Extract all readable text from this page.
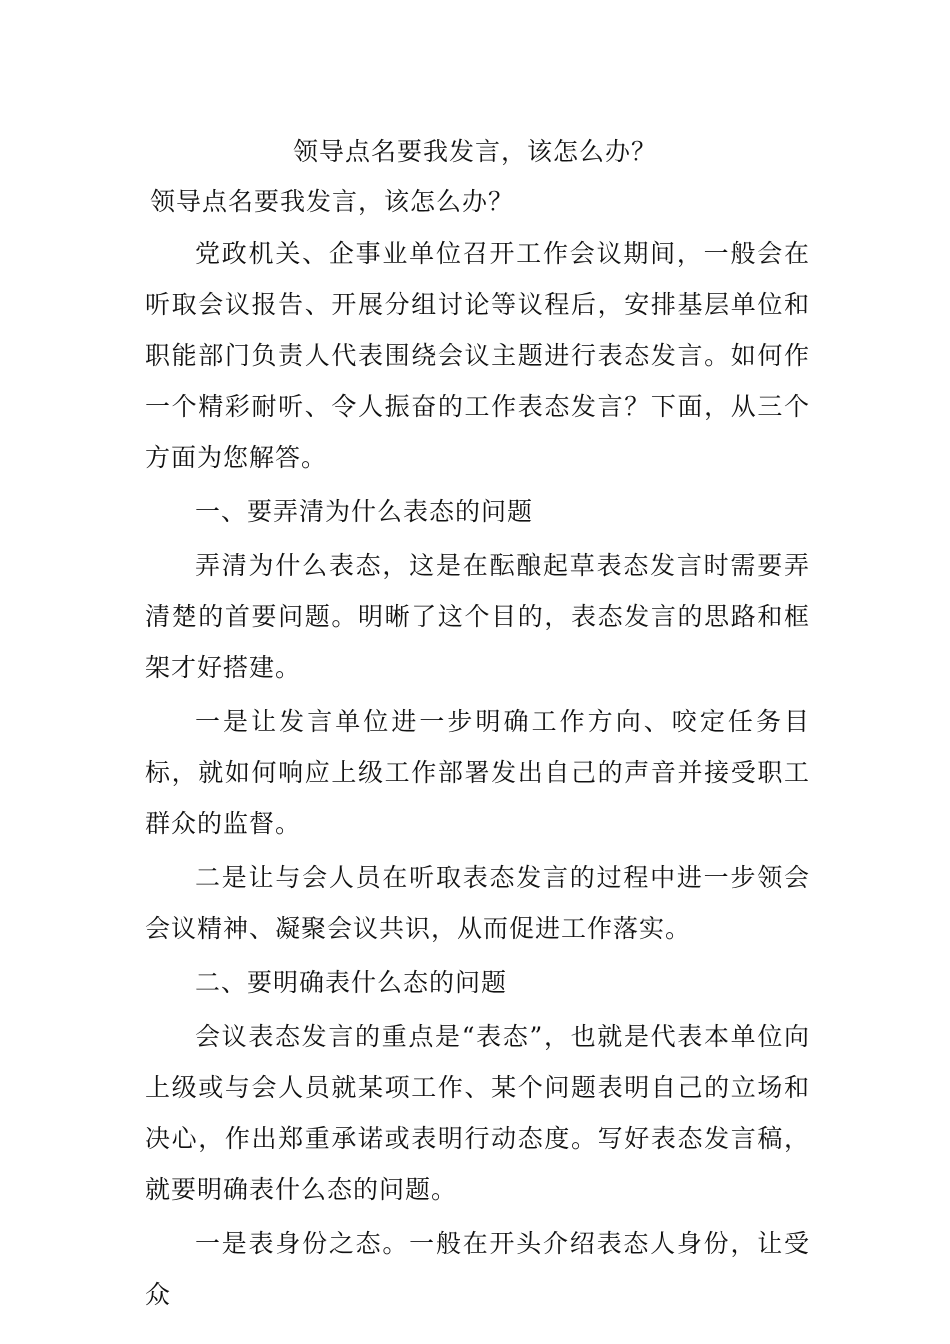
领导点名要我发言，该怎么办？
领导点名要我发言，该怎么办？

党政机关、企事业单位召开工作会议期间，一般会在听取会议报告、开展分组讨论等议程后，安排基层单位和职能部门负责人代表围绕会议主题进行表态发言。如何作一个精彩耐听、令人振奋的工作表态发言？下面，从三个方面为您解答。

一、要弄清为什么表态的问题

弄清为什么表态，这是在酝酿起草表态发言时需要弄清楚的首要问题。明晰了这个目的，表态发言的思路和框架才好搭建。

一是让发言单位进一步明确工作方向、咬定任务目标，就如何响应上级工作部署发出自己的声音并接受职工群众的监督。

二是让与会人员在听取表态发言的过程中进一步领会会议精神、凝聚会议共识，从而促进工作落实。

二、要明确表什么态的问题

会议表态发言的重点是“表态”，也就是代表本单位向上级或与会人员就某项工作、某个问题表明自己的立场和决心，作出郑重承诺或表明行动态度。写好表态发言稿，就要明确表什么态的问题。

一是表身份之态。一般在开头介绍表态人身份，让受众
